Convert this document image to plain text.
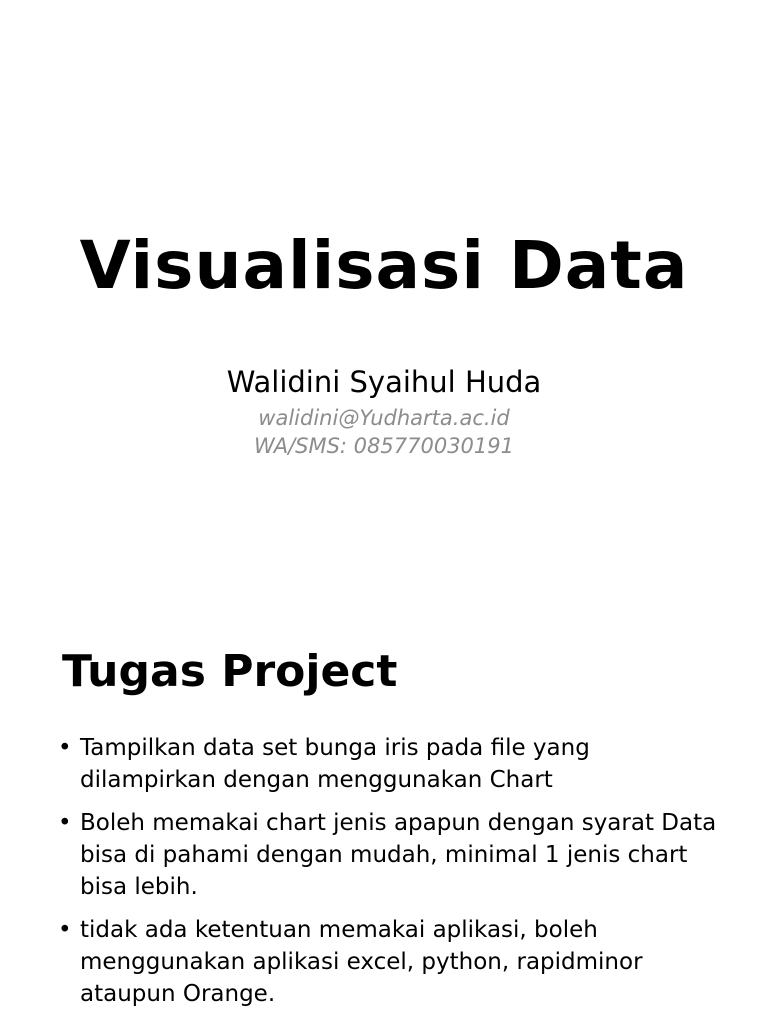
Visualisasi Data
Walidini Syaihul Huda
walidini@Yudharta.ac.id
WA/SMS: 085770030191
Tugas Project
• Tampilkan data set bunga iris pada file yang dilampirkan dengan menggunakan Chart
• Boleh memakai chart jenis apapun dengan syarat Data bisa di pahami dengan mudah, minimal 1 jenis chart bisa lebih.
• tidak ada ketentuan memakai aplikasi, boleh menggunakan aplikasi excel, python, rapidminor ataupun Orange.
